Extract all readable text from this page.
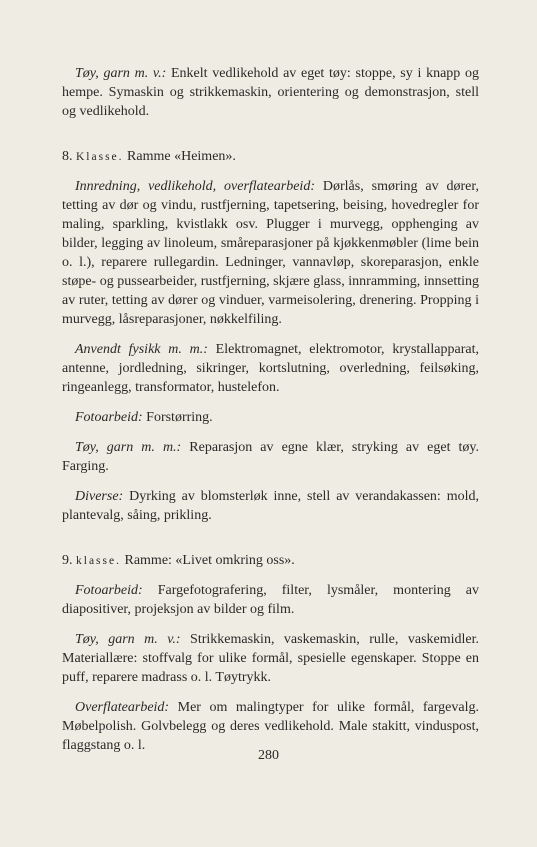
Tøy, garn m. v.: Enkelt vedlikehold av eget tøy: stoppe, sy i knapp og hempe. Symaskin og strikkemaskin, orientering og demonstrasjon, stell og vedlikehold.

8. Klasse. Ramme «Heimen».

Innredning, vedlikehold, overflatearbeid: Dørlås, smøring av dører, tetting av dør og vindu, rustfjerning, tapetsering, beising, hovedregler for maling, sparkling, kvistlakk osv. Plugger i murvegg, opphenging av bilder, legging av linoleum, småreparasjoner på kjøkkenmøbler (lime bein o. l.), reparere rullegardin. Ledninger, vannavløp, skoreparasjon, enkle støpe- og pussearbeider, rustfjerning, skjære glass, innramming, innsetting av ruter, tetting av dører og vinduer, varmeisolering, drenering. Propping i murvegg, låsreparasjoner, nøkkelfiling.

Anvendt fysikk m. m.: Elektromagnet, elektromotor, krystallapparat, antenne, jordledning, sikringer, kortslutning, overledning, feilsøking, ringeanlegg, transformator, hustelefon.

Fotoarbeid: Forstørring.

Tøy, garn m. m.: Reparasjon av egne klær, stryking av eget tøy. Farging.

Diverse: Dyrking av blomsterløk inne, stell av verandakassen: mold, plantevalg, såing, prikling.

9. klasse. Ramme: «Livet omkring oss».

Fotoarbeid: Fargefotografering, filter, lysmåler, montering av diapositiver, projeksjon av bilder og film.

Tøy, garn m. v.: Strikkemaskin, vaskemaskin, rulle, vaskemidler. Materiallære: stoffvalg for ulike formål, spesielle egenskaper. Stoppe en puff, reparere madrass o. l. Tøytrykk.

Overflatearbeid: Mer om malingtyper for ulike formål, fargevalg. Møbelpolish. Golvbelegg og deres vedlikehold. Male stakitt, vinduspost, flaggstang o. l.

280
